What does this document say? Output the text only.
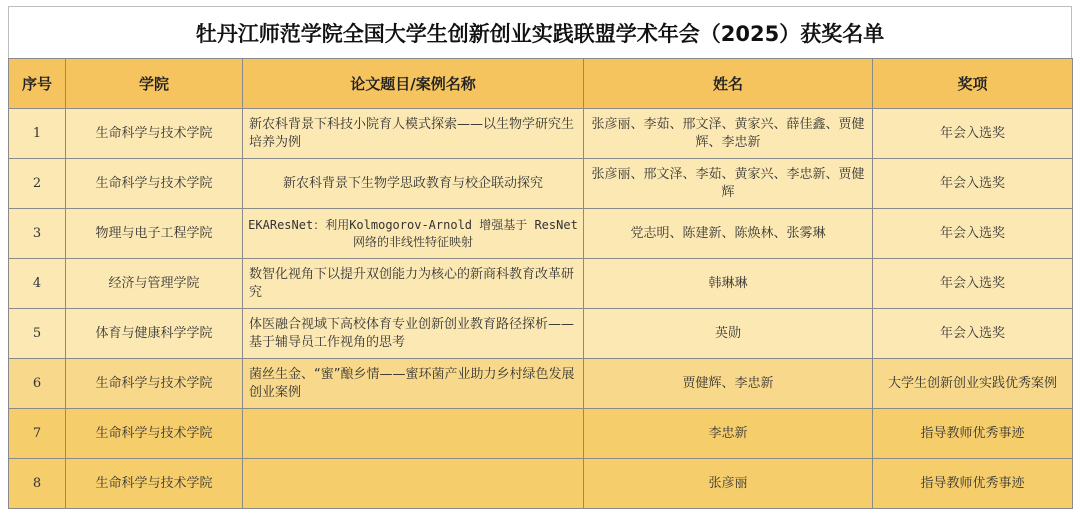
牡丹江师范学院全国大学生创新创业实践联盟学术年会（2025）获奖名单
序号	学院	论文题目/案例名称	姓名	奖项
1	生命科学与技术学院	新农科背景下科技小院育人模式探索——以生物学研究生培养为例	张彦丽、李茹、邢文泽、黄家兴、薛佳鑫、贾健辉、李忠新	年会入选奖
2	生命科学与技术学院	新农科背景下生物学思政教育与校企联动探究	张彦丽、邢文泽、李茹、黄家兴、李忠新、贾健辉	年会入选奖
3	物理与电子工程学院	EKAResNet：利用Kolmogorov-Arnold 增强基于 ResNet 网络的非线性特征映射	党志明、陈建新、陈焕林、张雾琳	年会入选奖
4	经济与管理学院	数智化视角下以提升双创能力为核心的新商科教育改革研究	韩琳琳	年会入选奖
5	体育与健康科学学院	体医融合视域下高校体育专业创新创业教育路径探析——基于辅导员工作视角的思考	英勋	年会入选奖
6	生命科学与技术学院	菌丝生金、“蜜”酿乡情——蜜环菌产业助力乡村绿色发展创业案例	贾健辉、李忠新	大学生创新创业实践优秀案例
7	生命科学与技术学院		李忠新	指导教师优秀事迹
8	生命科学与技术学院		张彦丽	指导教师优秀事迹
